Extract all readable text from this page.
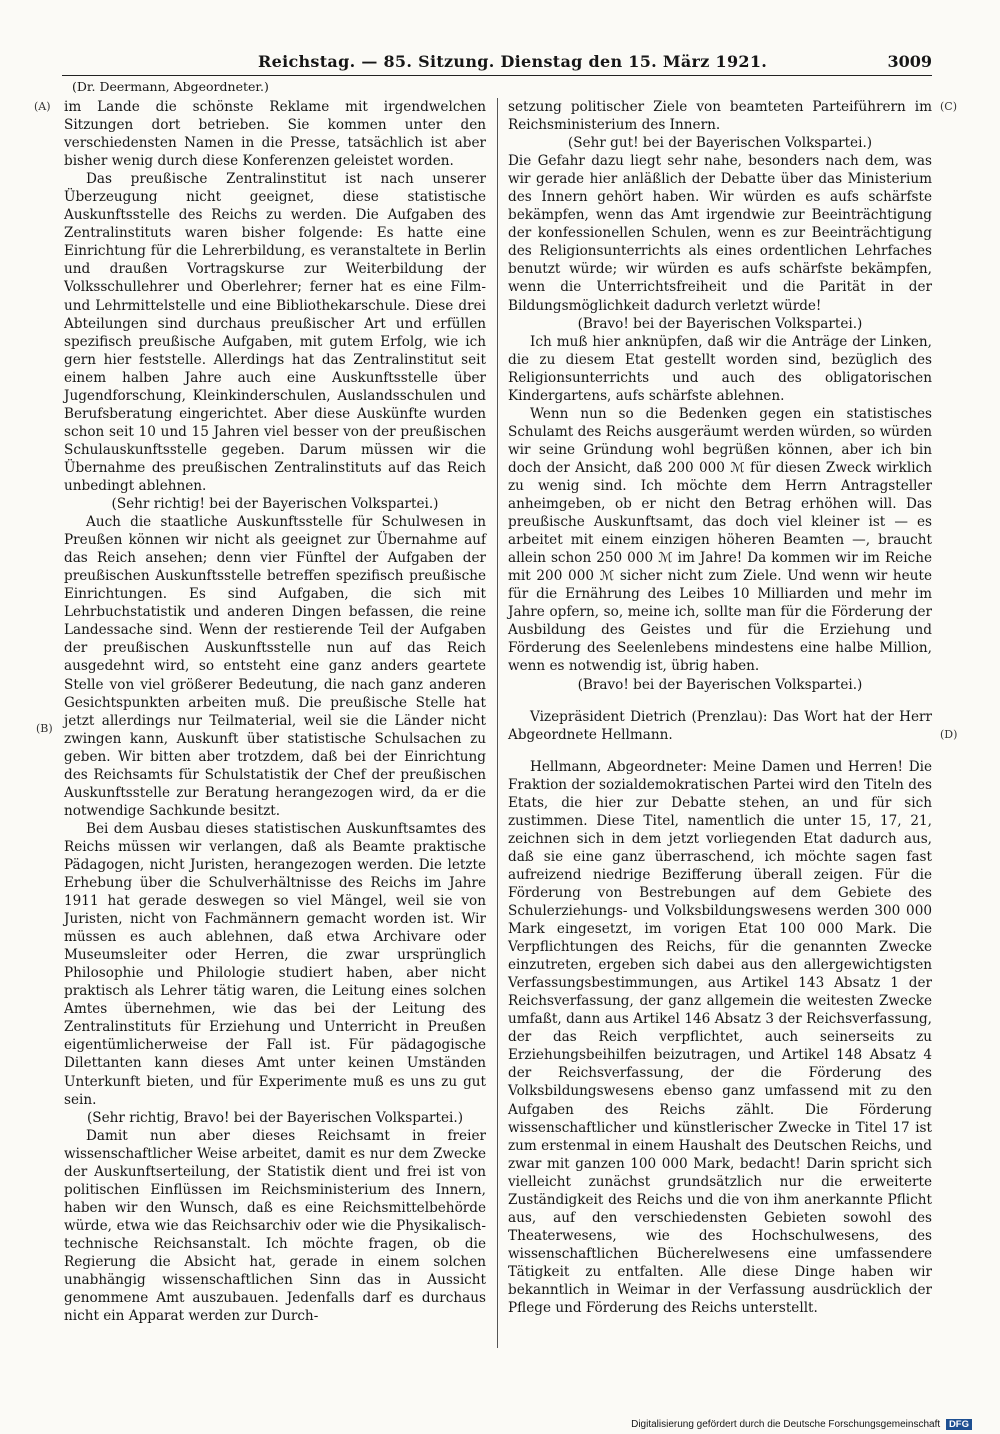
Reichstag. — 85. Sitzung. Dienstag den 15. März 1921.	3009
(Dr. Deermann, Abgeordneter.)
(A)
(B)
(C)
(D)

im Lande die schönste Reklame mit irgendwelchen Sitzungen dort betrieben. Sie kommen unter den verschiedensten Namen in die Presse, tatsächlich ist aber bisher wenig durch diese Konferenzen geleistet worden.

Das preußische Zentralinstitut ist nach unserer Überzeugung nicht geeignet, diese statistische Auskunftsstelle des Reichs zu werden. Die Aufgaben des Zentralinstituts waren bisher folgende: Es hatte eine Einrichtung für die Lehrerbildung, es veranstaltete in Berlin und draußen Vortragskurse zur Weiterbildung der Volksschullehrer und Oberlehrer; ferner hat es eine Film- und Lehrmittelstelle und eine Bibliothekarschule. Diese drei Abteilungen sind durchaus preußischer Art und erfüllen spezifisch preußische Aufgaben, mit gutem Erfolg, wie ich gern hier feststelle. Allerdings hat das Zentralinstitut seit einem halben Jahre auch eine Auskunftsstelle über Jugendforschung, Kleinkinderschulen, Auslandsschulen und Berufsberatung eingerichtet. Aber diese Auskünfte wurden schon seit 10 und 15 Jahren viel besser von der preußischen Schulauskunftsstelle gegeben. Darum müssen wir die Übernahme des preußischen Zentralinstituts auf das Reich unbedingt ablehnen.

(Sehr richtig! bei der Bayerischen Volkspartei.)

Auch die staatliche Auskunftsstelle für Schulwesen in Preußen können wir nicht als geeignet zur Übernahme auf das Reich ansehen; denn vier Fünftel der Aufgaben der preußischen Auskunftsstelle betreffen spezifisch preußische Einrichtungen. Es sind Aufgaben, die sich mit Lehrbuchstatistik und anderen Dingen befassen, die reine Landessache sind. Wenn der restierende Teil der Aufgaben der preußischen Auskunftsstelle nun auf das Reich ausgedehnt wird, so entsteht eine ganz anders geartete Stelle von viel größerer Bedeutung, die nach ganz anderen Gesichtspunkten arbeiten muß. Die preußische Stelle hat jetzt allerdings nur Teilmaterial, weil sie die Länder nicht zwingen kann, Auskunft über statistische Schulsachen zu geben. Wir bitten aber trotzdem, daß bei der Einrichtung des Reichsamts für Schulstatistik der Chef der preußischen Auskunftsstelle zur Beratung herangezogen wird, da er die notwendige Sachkunde besitzt.

Bei dem Ausbau dieses statistischen Auskunftsamtes des Reichs müssen wir verlangen, daß als Beamte praktische Pädagogen, nicht Juristen, herangezogen werden. Die letzte Erhebung über die Schulverhältnisse des Reichs im Jahre 1911 hat gerade deswegen so viel Mängel, weil sie von Juristen, nicht von Fachmännern gemacht worden ist. Wir müssen es auch ablehnen, daß etwa Archivare oder Museumsleiter oder Herren, die zwar ursprünglich Philosophie und Philologie studiert haben, aber nicht praktisch als Lehrer tätig waren, die Leitung eines solchen Amtes übernehmen, wie das bei der Leitung des Zentralinstituts für Erziehung und Unterricht in Preußen eigentümlicherweise der Fall ist. Für pädagogische Dilettanten kann dieses Amt unter keinen Umständen Unterkunft bieten, und für Experimente muß es uns zu gut sein.

(Sehr richtig, Bravo! bei der Bayerischen Volkspartei.)

Damit nun aber dieses Reichsamt in freier wissenschaftlicher Weise arbeitet, damit es nur dem Zwecke der Auskunftserteilung, der Statistik dient und frei ist von politischen Einflüssen im Reichsministerium des Innern, haben wir den Wunsch, daß es eine Reichsmittelbehörde würde, etwa wie das Reichsarchiv oder wie die Physikalisch-technische Reichsanstalt. Ich möchte fragen, ob die Regierung die Absicht hat, gerade in einem solchen unabhängig wissenschaftlichen Sinn das in Aussicht genommene Amt auszubauen. Jedenfalls darf es durchaus nicht ein Apparat werden zur Durch-

setzung politischer Ziele von beamteten Parteiführern im Reichsministerium des Innern.

(Sehr gut! bei der Bayerischen Volkspartei.)

Die Gefahr dazu liegt sehr nahe, besonders nach dem, was wir gerade hier anläßlich der Debatte über das Ministerium des Innern gehört haben. Wir würden es aufs schärfste bekämpfen, wenn das Amt irgendwie zur Beeinträchtigung der konfessionellen Schulen, wenn es zur Beeinträchtigung des Religionsunterrichts als eines ordentlichen Lehrfaches benutzt würde; wir würden es aufs schärfste bekämpfen, wenn die Unterrichtsfreiheit und die Parität in der Bildungsmöglichkeit dadurch verletzt würde!

(Bravo! bei der Bayerischen Volkspartei.)

Ich muß hier anknüpfen, daß wir die Anträge der Linken, die zu diesem Etat gestellt worden sind, bezüglich des Religionsunterrichts und auch des obligatorischen Kindergartens, aufs schärfste ablehnen.

Wenn nun so die Bedenken gegen ein statistisches Schulamt des Reichs ausgeräumt werden würden, so würden wir seine Gründung wohl begrüßen können, aber ich bin doch der Ansicht, daß 200 000 ℳ für diesen Zweck wirklich zu wenig sind. Ich möchte dem Herrn Antragsteller anheimgeben, ob er nicht den Betrag erhöhen will. Das preußische Auskunftsamt, das doch viel kleiner ist — es arbeitet mit einem einzigen höheren Beamten —, braucht allein schon 250 000 ℳ im Jahre! Da kommen wir im Reiche mit 200 000 ℳ sicher nicht zum Ziele. Und wenn wir heute für die Ernährung des Leibes 10 Milliarden und mehr im Jahre opfern, so, meine ich, sollte man für die Förderung der Ausbildung des Geistes und für die Erziehung und Förderung des Seelenlebens mindestens eine halbe Million, wenn es notwendig ist, übrig haben.

(Bravo! bei der Bayerischen Volkspartei.)

Vizepräsident Dietrich (Prenzlau): Das Wort hat der Herr Abgeordnete Hellmann.

Hellmann, Abgeordneter: Meine Damen und Herren! Die Fraktion der sozialdemokratischen Partei wird den Titeln des Etats, die hier zur Debatte stehen, an und für sich zustimmen. Diese Titel, namentlich die unter 15, 17, 21, zeichnen sich in dem jetzt vorliegenden Etat dadurch aus, daß sie eine ganz überraschend, ich möchte sagen fast aufreizend niedrige Bezifferung überall zeigen. Für die Förderung von Bestrebungen auf dem Gebiete des Schulerziehungs- und Volksbildungswesens werden 300 000 Mark eingesetzt, im vorigen Etat 100 000 Mark. Die Verpflichtungen des Reichs, für die genannten Zwecke einzutreten, ergeben sich dabei aus den allergewichtigsten Verfassungsbestimmungen, aus Artikel 143 Absatz 1 der Reichsverfassung, der ganz allgemein die weitesten Zwecke umfaßt, dann aus Artikel 146 Absatz 3 der Reichsverfassung, der das Reich verpflichtet, auch seinerseits zu Erziehungsbeihilfen beizutragen, und Artikel 148 Absatz 4 der Reichsverfassung, der die Förderung des Volksbildungswesens ebenso ganz umfassend mit zu den Aufgaben des Reichs zählt. Die Förderung wissenschaftlicher und künstlerischer Zwecke in Titel 17 ist zum erstenmal in einem Haushalt des Deutschen Reichs, und zwar mit ganzen 100 000 Mark, bedacht! Darin spricht sich vielleicht zunächst grundsätzlich nur die erweiterte Zuständigkeit des Reichs und die von ihm anerkannte Pflicht aus, auf den verschiedensten Gebieten sowohl des Theaterwesens, wie des Hochschulwesens, des wissenschaftlichen Bücherelwesens eine umfassendere Tätigkeit zu entfalten. Alle diese Dinge haben wir bekanntlich in Weimar in der Verfassung ausdrücklich der Pflege und Förderung des Reichs unterstellt.

Digitalisierung gefördert durch die Deutsche Forschungsgemeinschaft DFG
